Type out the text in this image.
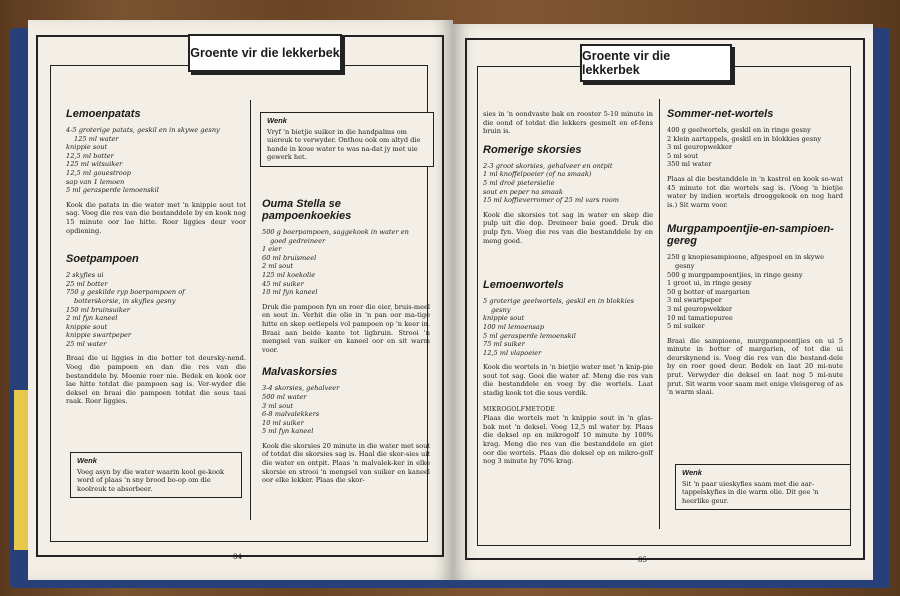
Groente vir die lekkerbek
Lemoenpatats
4-5 groterige patats, geskil en in skywe gesny
125 ml water
knippie sout
12,5 ml botter
125 ml witsuiker
12,5 ml gouestroop
sap van 1 lemoen
5 ml gerasperde lemoenskil

Kook die patats in die water met 'n knippie sout tot sag. Voeg die res van die bestanddele by en kook nog 15 minute oor lae hitte. Roer liggies deur voor opdiening.

Soetpampoen
2 skyfies ui
25 ml botter
750 g geskilde ryp boerpampoen of
botterskorsie, in skyfies gesny
150 ml bruinsuiker
2 ml fyn kaneel
knippie sout
knippie swartpeper
25 ml water

Braai die ui liggies in die botter tot deursky-nend. Voeg die pampoen en dan die res van die bestanddele by. Moenie roer nie. Bedek en kook oor lae hitte totdat die pampoen sag is. Ver-wyder die deksel en braai die pampoen totdat die sous taai raak. Roer liggies.

Wenk
Voeg asyn by die water waarin kool ge-kook word of plaas 'n sny brood bo-op om die koolreuk te absorbeer.
Wenk
Vryf 'n bietjie suiker in die handpalms om uiereuk te verwyder. Onthou ook om altyd die hande in koue water te was na-dat jy met uie gewerk het.
Ouma Stella se pampoenkoekies
500 g boerpampoen, saggekook in water en
goed gedreineer
1 eier
60 ml bruismeel
2 ml sout
125 ml koekolie
45 ml suiker
10 ml fyn kaneel

Druk die pampoen fyn en roer die eier, bruis-meel en sout in. Verhit die olie in 'n pan oor ma-tige hitte en skep eetlepels vol pampoen op 'n keer in. Braai aan beide kante tot ligbruin. Strooi 'n mengsel van suiker en kaneel oor en sit warm voor.

Malvaskorsies
3-4 skorsies, gehalveer
500 ml water
3 ml sout
6-8 malvalekkers
10 ml suiker
5 ml fyn kaneel

Kook die skorsies 20 minute in die water met sout of totdat die skorsies sag is. Haal die skor-sies uit die water en ontpit. Plaas 'n malvalek-ker in elke skorsie en strooi 'n mengsel van suiker en kaneel oor elke lekker. Plaas die skor-

84
Groente vir die lekkerbek

sies in 'n oondvaste bak en rooster 5-10 minute in die oond of totdat die lekkers gesmelt en ef-fens bruin is.

Romerige skorsies
2-3 groot skorsies, gehalveer en ontpit
1 ml knoffelpoeier (of na smaak)
5 ml droë pietersielie
sout en peper na smaak
15 ml koffieverromer of 25 ml vars room

Kook die skorsies tot sag in water en skep die pulp uit die dop. Dreineer baie goed. Druk die pulp fyn. Voeg die res van die bestanddele by en meng goed.

Lemoenwortels
5 groterige geelwortels, geskil en in blokkies
gesny
knippie sout
100 ml lemoensap
5 ml gerasperde lemoenskil
75 ml suiker
12,5 ml vlapoeier

Kook die wortels in 'n bietjie water met 'n knip-pie sout tot sag. Gooi die water af. Meng die res van die bestanddele en voeg by die wortels. Laat stadig kook tot die sous verdik.

MIKROGOLFMETODE

Plaas die wortels met 'n knippie sout in 'n glas-bak met 'n deksel. Voeg 12,5 ml water by. Plaas die deksel op en mikrogolf 10 minute by 100% krag. Meng die res van die bestanddele en giet oor die wortels. Plaas die deksel op en mikro-golf nog 3 minute by 70% krag.

Sommer-net-wortels
400 g geelwortels, geskil en in ringe gesny
2 klein aartappels, geskil en in blokkies gesny
3 ml geuropwekker
5 ml sout
350 ml water

Plaas al die bestanddele in 'n kastrol en kook so-wat 45 minute tot die wortels sag is. (Voeg 'n bietjie water by indien wortels drooggekook en nog hard is.) Sit warm voor.

Murgpampoentjie-en-sampioen-gereg
250 g knopiesampioene, afgespoel en in skywe
gesny
500 g murgpampoentjies, in ringe gesny
1 groot ui, in ringe gesny
50 g botter of margarien
3 ml swartpeper
3 ml geuropwekker
10 ml tamatiepuree
5 ml suiker

Braai die sampioene, murgpampoentjies en ui 5 minute in botter of margarien, of tot die ui deurskynend is. Voeg die res van die bestand-dele by en roer goed deur. Bedek en laat 20 mi-nute prut. Verwyder die deksel en laat nog 5 mi-nute prut. Sit warm voor saam met enige vleisgereg of as 'n warm slaai.

Wenk
Sit 'n paar uieskyfies saam met die aar-tappelskyfies in die warm olie. Dit gee 'n heerlike geur.
85
